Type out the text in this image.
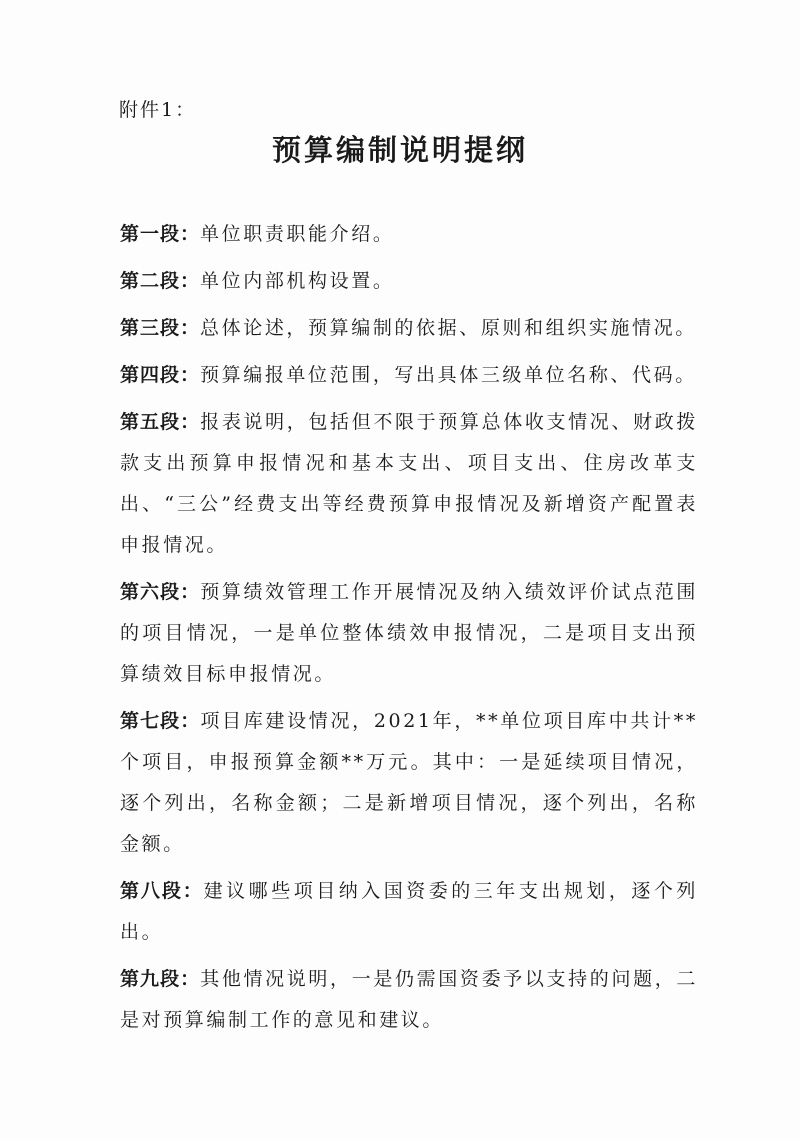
附件1：
预算编制说明提纲

第一段：单位职责职能介绍。

第二段：单位内部机构设置。

第三段：总体论述，预算编制的依据、原则和组织实施情况。

第四段：预算编报单位范围，写出具体三级单位名称、代码。

第五段：报表说明，包括但不限于预算总体收支情况、财政拨款支出预算申报情况和基本支出、项目支出、住房改革支出、“三公”经费支出等经费预算申报情况及新增资产配置表申报情况。

第六段：预算绩效管理工作开展情况及纳入绩效评价试点范围的项目情况，一是单位整体绩效申报情况，二是项目支出预算绩效目标申报情况。

第七段：项目库建设情况，2021年，**单位项目库中共计**个项目，申报预算金额**万元。其中：一是延续项目情况，逐个列出，名称金额；二是新增项目情况，逐个列出，名称金额。

第八段：建议哪些项目纳入国资委的三年支出规划，逐个列出。

第九段：其他情况说明，一是仍需国资委予以支持的问题，二是对预算编制工作的意见和建议。
